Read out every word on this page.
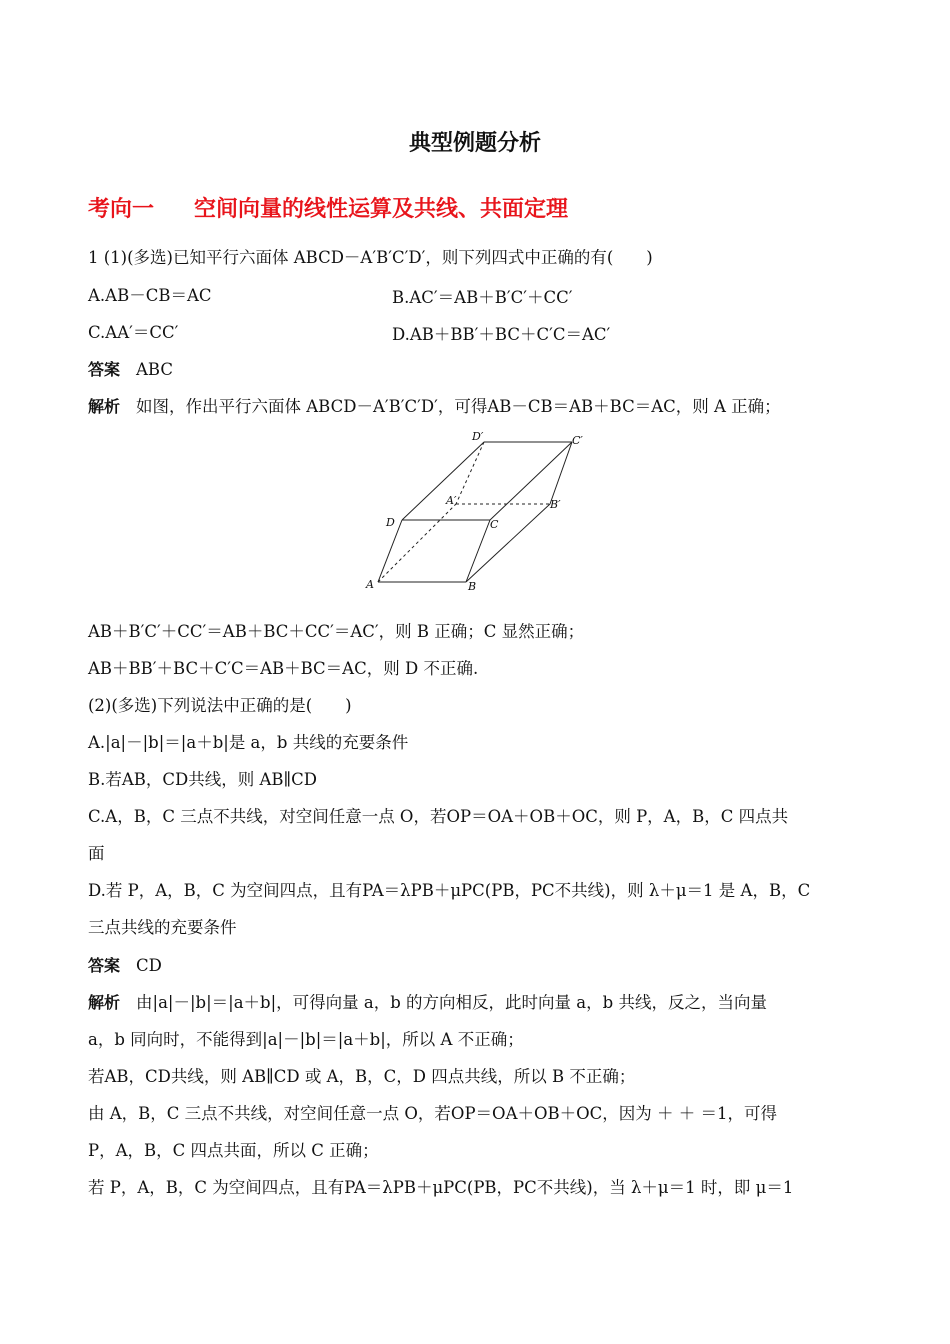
典型例题分析
考向一 空间向量的线性运算及共线、共面定理
1 (1)(多选)已知平行六面体 ABCD－A′B′C′D′，则下列四式中正确的有(　　)
A.AB－CB＝AC	B.AC′＝AB＋B′C′＋CC′
C.AA′＝CC′	D.AB＋BB′＋BC＋C′C＝AC′
答案 ABC
解析 如图，作出平行六面体 ABCD－A′B′C′D′，可得AB－CB＝AB＋BC＝AC，则 A 正确；
A	B
C
D
A′	B′
C′
D′
AB＋B′C′＋CC′＝AB＋BC＋CC′＝AC′，则 B 正确；C 显然正确；
AB＋BB′＋BC＋C′C＝AB＋BC＝AC，则 D 不正确.
(2)(多选)下列说法中正确的是(　　)
A.|a|－|b|＝|a＋b|是 a，b 共线的充要条件
B.若AB，CD共线，则 AB∥CD
C.A，B，C 三点不共线，对空间任意一点 O，若OP＝OA＋OB＋OC，则 P，A，B，C 四点共
面
D.若 P，A，B，C 为空间四点，且有PA＝λPB＋μPC(PB，PC不共线)，则 λ＋μ＝1 是 A，B，C
三点共线的充要条件
答案 CD
解析 由|a|－|b|＝|a＋b|，可得向量 a，b 的方向相反，此时向量 a，b 共线，反之，当向量
a，b 同向时，不能得到|a|－|b|＝|a＋b|，所以 A 不正确；
若AB，CD共线，则 AB∥CD 或 A，B，C，D 四点共线，所以 B 不正确；
由 A，B，C 三点不共线，对空间任意一点 O，若OP＝OA＋OB＋OC，因为 ＋ ＋ ＝1，可得
P，A，B，C 四点共面，所以 C 正确；
若 P，A，B，C 为空间四点，且有PA＝λPB＋μPC(PB，PC不共线)，当 λ＋μ＝1 时，即 μ＝1
